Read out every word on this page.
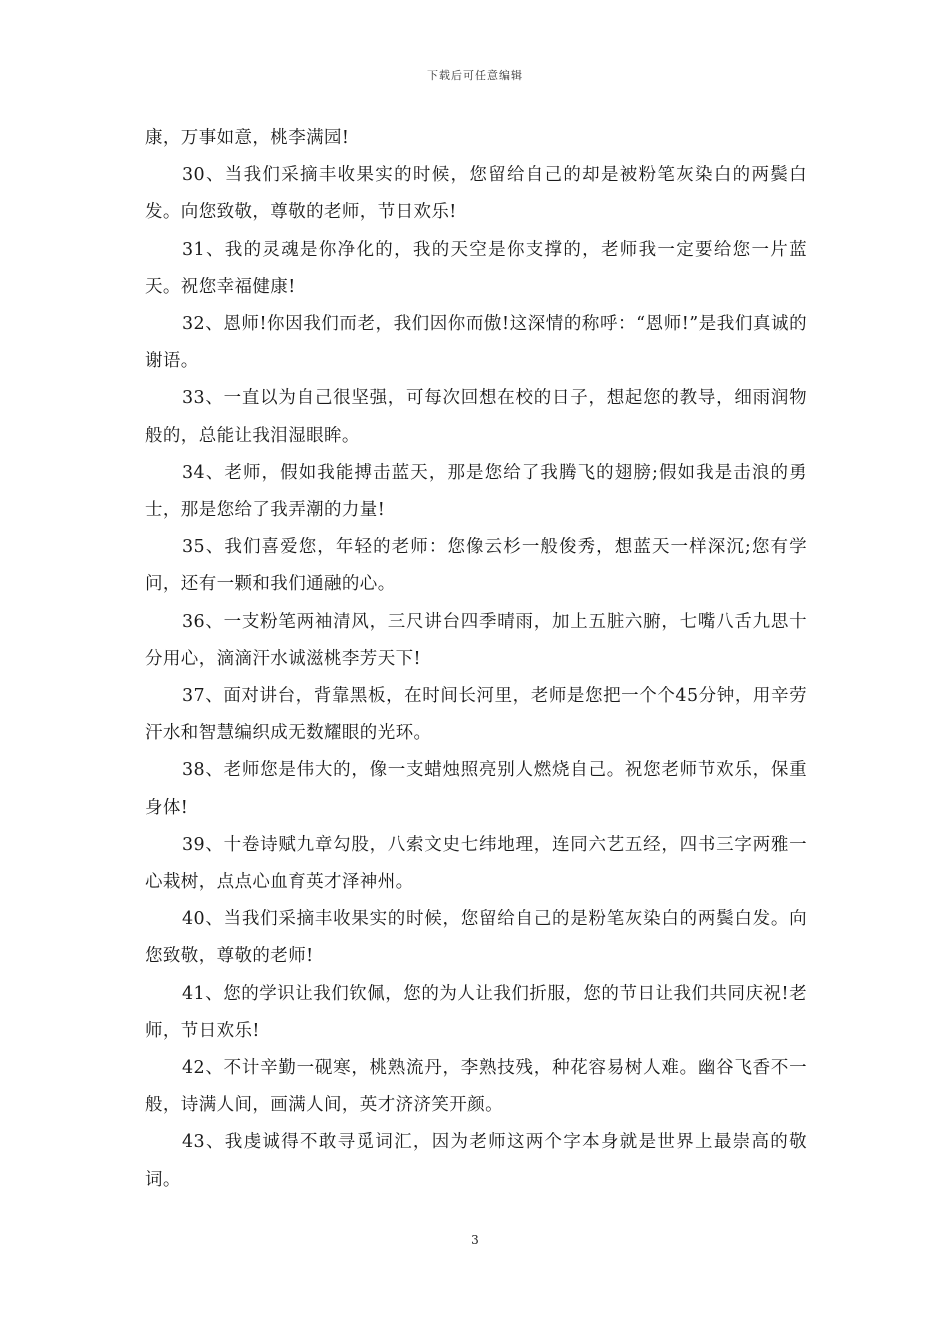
下载后可任意编辑

康，万事如意，桃李满园!

30、当我们采摘丰收果实的时候，您留给自己的却是被粉笔灰染白的两鬓白发。向您致敬，尊敬的老师，节日欢乐!

31、我的灵魂是你净化的，我的天空是你支撑的，老师我一定要给您一片蓝天。祝您幸福健康!

32、恩师!你因我们而老，我们因你而傲!这深情的称呼：“恩师!”是我们真诚的谢语。

33、一直以为自己很坚强，可每次回想在校的日子，想起您的教导，细雨润物般的，总能让我泪湿眼眸。

34、老师，假如我能搏击蓝天，那是您给了我腾飞的翅膀;假如我是击浪的勇士，那是您给了我弄潮的力量!

35、我们喜爱您，年轻的老师：您像云杉一般俊秀，想蓝天一样深沉;您有学问，还有一颗和我们通融的心。

36、一支粉笔两袖清风，三尺讲台四季晴雨，加上五脏六腑，七嘴八舌九思十分用心，滴滴汗水诚滋桃李芳天下!

37、面对讲台，背靠黑板，在时间长河里，老师是您把一个个45分钟，用辛劳汗水和智慧编织成无数耀眼的光环。

38、老师您是伟大的，像一支蜡烛照亮别人燃烧自己。祝您老师节欢乐，保重身体!

39、十卷诗赋九章勾股，八索文史七纬地理，连同六艺五经，四书三字两雅一心栽树，点点心血育英才泽神州。

40、当我们采摘丰收果实的时候，您留给自己的是粉笔灰染白的两鬓白发。向您致敬，尊敬的老师!

41、您的学识让我们钦佩，您的为人让我们折服，您的节日让我们共同庆祝!老师，节日欢乐!

42、不计辛勤一砚寒，桃熟流丹，李熟技残，种花容易树人难。幽谷飞香不一般，诗满人间，画满人间，英才济济笑开颜。

43、我虔诚得不敢寻觅词汇，因为老师这两个字本身就是世界上最崇高的敬词。

3
